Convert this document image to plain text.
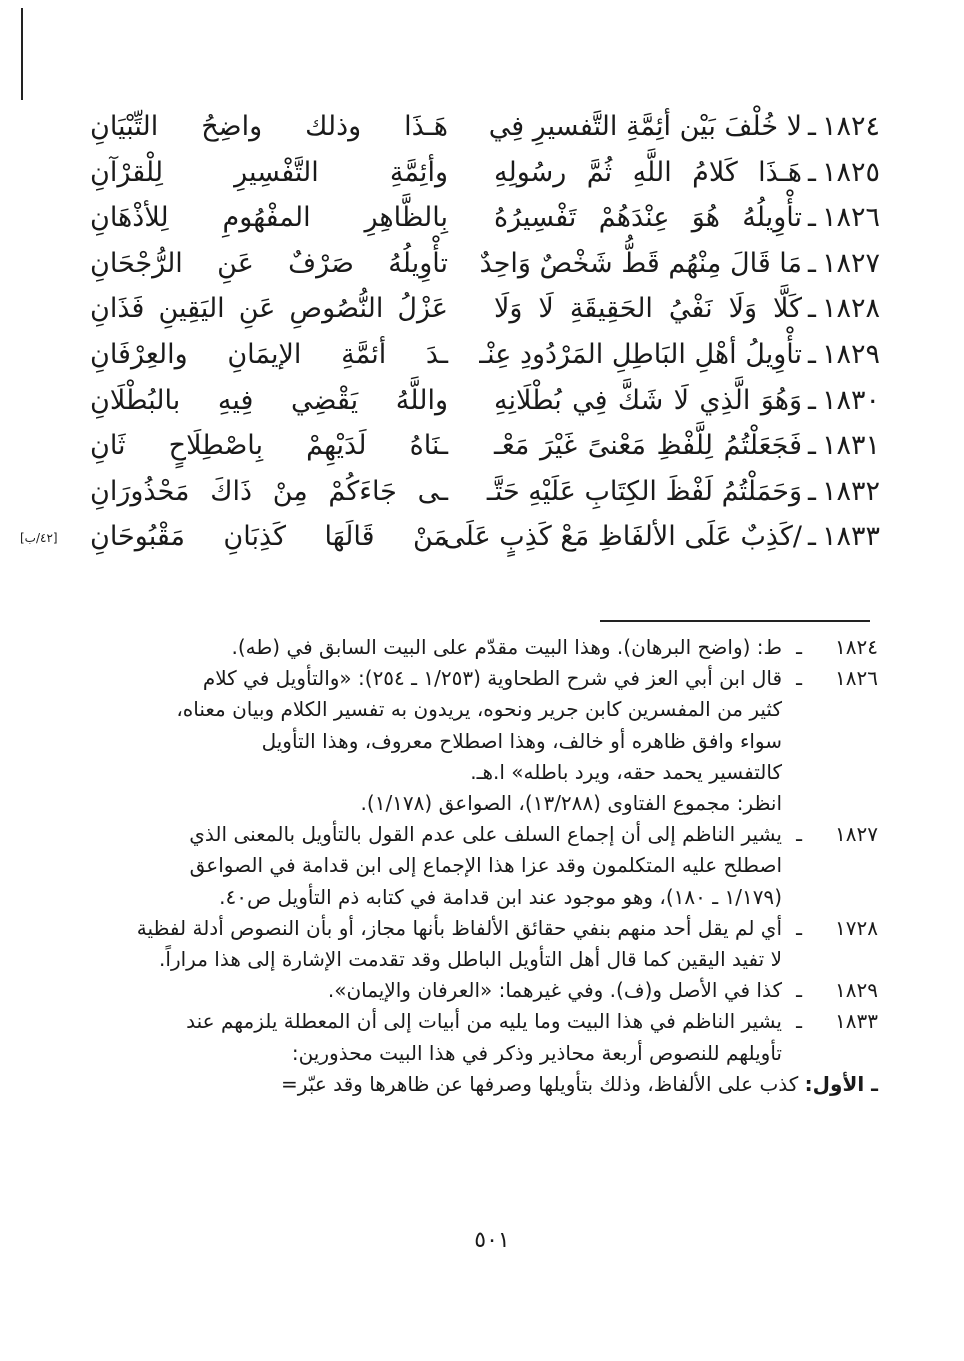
١٨٢٤
ـ
لا خُلْفَ بَيْن أئِمَّةِ التَّفسيرِ فِي
هَـذَا وذلك واضِحُ التِّبْيَانِ
١٨٢٥
ـ
هَـذَا كَلامُ اللَّهِ ثُمَّ رسُولِهِ
وأئِمَّةِ التَّفْسِيرِ لِلْقرْآنِ
١٨٢٦
ـ
تأْوِيلُهُ هُوَ عِنْدَهُمْ تَفْسِيرُهُ
بِالظَّاهِرِ المفْهُومِ لِلأذْهَانِ
١٨٢٧
ـ
مَا قَالَ مِنْهُم قَطُّ شَخْصٌ وَاحِدٌ
تأْوِيلُهُ صَرْفٌ عَنِ الرُّجْحَانِ
١٨٢٨
ـ
كَلَّا وَلَا نَفْيُ الحَقِيقَةِ لَا وَلَا
عَزْلُ النُّصُوصِ عَنِ اليَقِينِ فَذَانِ
١٨٢٩
ـ
تأْوِيلُ أهْلِ البَاطِلِ المَرْدُودِ عِنْـ
ـدَ أئمَّةِ الإيمَانِ والعِرْفَانِ
١٨٣٠
ـ
وَهُوَ الَّذِي لَا شَكَّ فِي بُطْلَانِهِ
واللَّهُ يَقْضِي فِيهِ بالبُطْلَانِ
١٨٣١
ـ
فَجَعَلْتُمُ لِلَّفْظِ مَعْنىً غَيْرَ مَعْـ
ـنَاهُ لَدَيْهِمْ بِاصْطِلَاحٍ ثَانِ
١٨٣٢
ـ
وَحَمَلْتُمُ لَفْظَ الكِتَابِ عَلَيْهِ حَتَّـ
ـى جَاءَكُمْ مِنْ ذَاكَ مَحْذُورَانِ
١٨٣٣
ـ
/كَذِبٌ عَلَى الألفَاظِ مَعْ كَذِبٍ عَلَى
مَنْ قَالَهَا كَذِبَانِ مَقْبُوحَانِ
[٤٢/ب]
١٨٢٤
ـ
ط: (واضح البرهان). وهذا البيت مقدّم على البيت السابق في (طه).
١٨٢٦
ـ
قال ابن أبي العز في شرح الطحاوية (١/٢٥٣ ـ ٢٥٤): «والتأويل في كلام
كثير من المفسرين كابن جرير ونحوه، يريدون به تفسير الكلام وبيان معناه،
سواء وافق ظاهره أو خالف، وهذا اصطلاح معروف، وهذا التأويل
كالتفسير يحمد حقه، ويرد باطله» ا.هـ.
انظر: مجموع الفتاوى (١٣/٢٨٨)، الصواعق (١/١٧٨).
١٨٢٧
ـ
يشير الناظم إلى أن إجماع السلف على عدم القول بالتأويل بالمعنى الذي
اصطلح عليه المتكلمون وقد عزا هذا الإجماع إلى ابن قدامة في الصواعق
(١/١٧٩ ـ ١٨٠)، وهو موجود عند ابن قدامة في كتابه ذم التأويل ص٤٠.
١٧٢٨
ـ
أي لم يقل أحد منهم بنفي حقائق الألفاظ بأنها مجاز، أو بأن النصوص أدلة لفظية
لا تفيد اليقين كما قال أهل التأويل الباطل وقد تقدمت الإشارة إلى هذا مراراً.
١٨٢٩
ـ
كذا في الأصل و(ف). وفي غيرهما: «العرفان والإيمان».
١٨٣٣
ـ
يشير الناظم في هذا البيت وما يليه من أبيات إلى أن المعطلة يلزمهم عند
تأويلهم للنصوص أربعة محاذير وذكر في هذا البيت محذورين:
ـ الأول: كذب على الألفاظ، وذلك بتأويلها وصرفها عن ظاهرها وقد عبّر=
٥٠١
